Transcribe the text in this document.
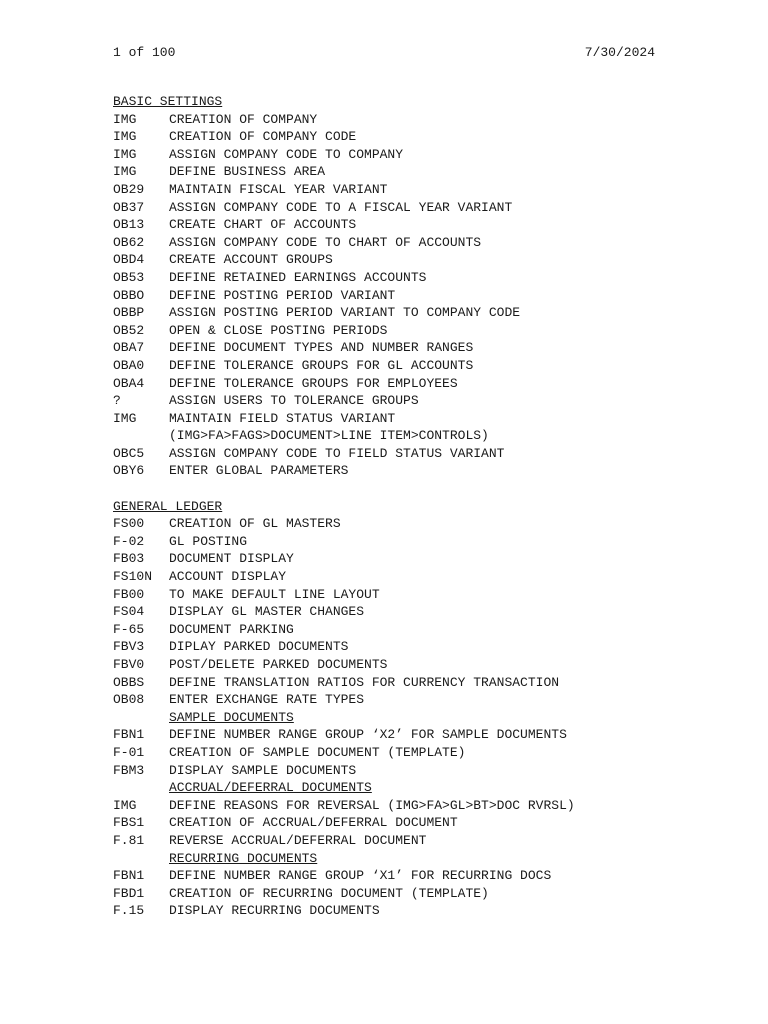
1 of 100	7/30/2024
BASIC SETTINGS
IMG	CREATION OF COMPANY
IMG	CREATION OF COMPANY CODE
IMG	ASSIGN COMPANY CODE TO COMPANY
IMG	DEFINE BUSINESS AREA
OB29 MAINTAIN FISCAL YEAR VARIANT
OB37 ASSIGN COMPANY CODE TO A FISCAL YEAR VARIANT
OB13 CREATE CHART OF ACCOUNTS
OB62 ASSIGN COMPANY CODE TO CHART OF ACCOUNTS
OBD4 CREATE ACCOUNT GROUPS
OB53 DEFINE RETAINED EARNINGS ACCOUNTS
OBBO DEFINE POSTING PERIOD VARIANT
OBBP ASSIGN POSTING PERIOD VARIANT TO COMPANY CODE
OB52 OPEN & CLOSE POSTING PERIODS
OBA7 DEFINE DOCUMENT TYPES AND NUMBER RANGES
OBA0 DEFINE TOLERANCE GROUPS FOR GL ACCOUNTS
OBA4 DEFINE TOLERANCE GROUPS FOR EMPLOYEES
?	ASSIGN USERS TO TOLERANCE GROUPS
IMG	MAINTAIN FIELD STATUS VARIANT
(IMG>FA>FAGS>DOCUMENT>LINE ITEM>CONTROLS)
OBC5 ASSIGN COMPANY CODE TO FIELD STATUS VARIANT
OBY6 ENTER GLOBAL PARAMETERS
GENERAL LEDGER
FS00 CREATION OF GL MASTERS
F-02 GL POSTING
FB03 DOCUMENT DISPLAY
FS10N ACCOUNT DISPLAY
FB00 TO MAKE DEFAULT LINE LAYOUT
FS04 DISPLAY GL MASTER CHANGES
F-65 DOCUMENT PARKING
FBV3 DIPLAY PARKED DOCUMENTS
FBV0 POST/DELETE PARKED DOCUMENTS
OBBS DEFINE TRANSLATION RATIOS FOR CURRENCY TRANSACTION
OB08 ENTER EXCHANGE RATE TYPES
SAMPLE DOCUMENTS
FBN1 DEFINE NUMBER RANGE GROUP ‘X2’ FOR SAMPLE DOCUMENTS
F-01 CREATION OF SAMPLE DOCUMENT (TEMPLATE)
FBM3 DISPLAY SAMPLE DOCUMENTS
ACCRUAL/DEFERRAL DOCUMENTS
IMG	DEFINE REASONS FOR REVERSAL (IMG>FA>GL>BT>DOC RVRSL)
FBS1 CREATION OF ACCRUAL/DEFERRAL DOCUMENT
F.81 REVERSE ACCRUAL/DEFERRAL DOCUMENT
RECURRING DOCUMENTS
FBN1 DEFINE NUMBER RANGE GROUP ‘X1’ FOR RECURRING DOCS
FBD1 CREATION OF RECURRING DOCUMENT (TEMPLATE)
F.15 DISPLAY RECURRING DOCUMENTS
